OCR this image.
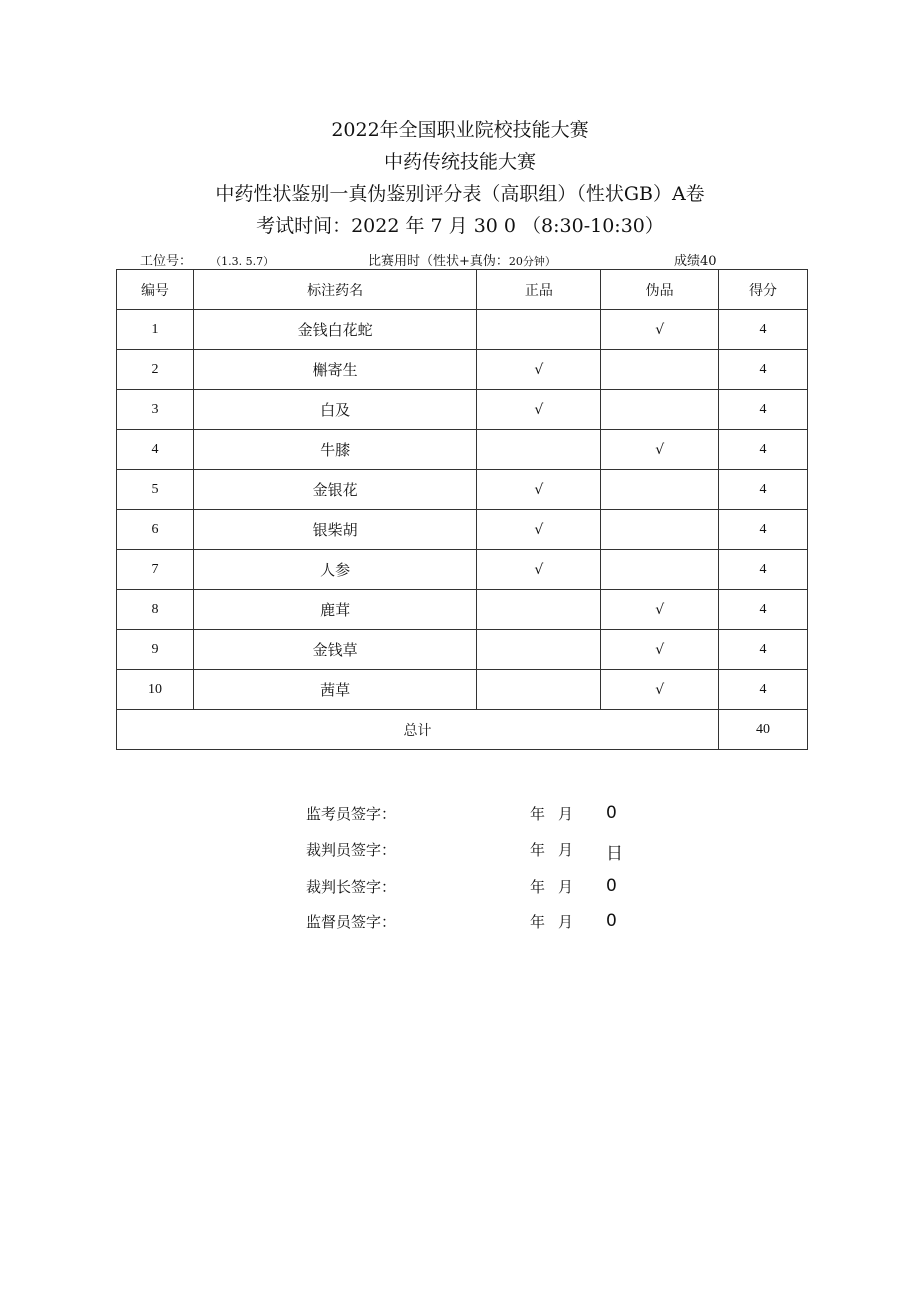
2022年全国职业院校技能大赛
中药传统技能大赛
中药性状鉴别一真伪鉴别评分表（高职组）（性状GB）A卷
考试时间：2022 年 7 月 30 0 （8:30-10:30）
工位号： （1.3. 5.7）	比赛用时（性状+真伪：20分钟）	成绩40
编号	标注药名	正品	伪品	得分
1	金钱白花蛇		√	4
2	槲寄生	√		4
3	白及	√		4
4	牛膝		√	4
5	金银花	√		4
6	银柴胡	√		4
7	人参	√		4
8	鹿茸		√	4
9	金钱草		√	4
10	茜草		√	4
总计				40
监考员签字：	年 月 0
裁判员签字：	年 月 日
裁判长签字：	年 月 0
监督员签字：	年 月 0
